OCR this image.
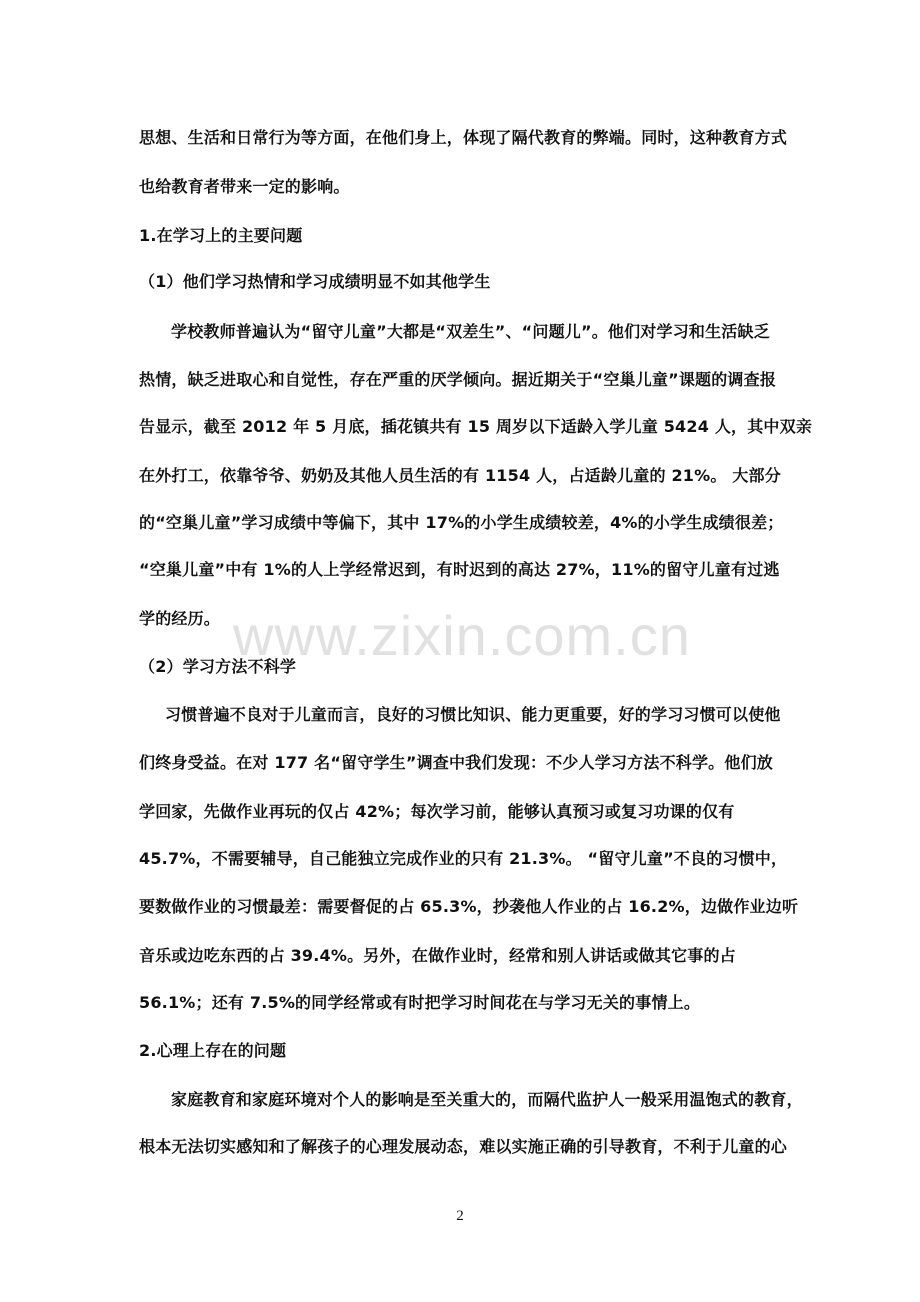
思想、生活和日常行为等方面，在他们身上，体现了隔代教育的弊端。同时，这种教育方式
也给教育者带来一定的影响。
1.在学习上的主要问题
（1）他们学习热情和学习成绩明显不如其他学生
学校教师普遍认为“留守儿童”大都是“双差生”、“问题儿”。他们对学习和生活缺乏
热情，缺乏进取心和自觉性，存在严重的厌学倾向。据近期关于“空巢儿童”课题的调查报
告显示，截至 2012 年 5 月底，插花镇共有 15 周岁以下适龄入学儿童 5424 人，其中双亲
在外打工，依靠爷爷、奶奶及其他人员生活的有 1154 人，占适龄儿童的 21%。 大部分
的“空巢儿童”学习成绩中等偏下，其中 17%的小学生成绩较差，4%的小学生成绩很差；
“空巢儿童”中有 1%的人上学经常迟到，有时迟到的高达 27%，11%的留守儿童有过逃
学的经历。
（2）学习方法不科学
习惯普遍不良对于儿童而言，良好的习惯比知识、能力更重要，好的学习习惯可以使他
们终身受益。在对 177 名“留守学生”调查中我们发现：不少人学习方法不科学。他们放
学回家，先做作业再玩的仅占 42%；每次学习前，能够认真预习或复习功课的仅有
45.7%，不需要辅导，自己能独立完成作业的只有 21.3%。 “留守儿童”不良的习惯中，
要数做作业的习惯最差：需要督促的占 65.3%，抄袭他人作业的占 16.2%，边做作业边听
音乐或边吃东西的占 39.4%。另外，在做作业时，经常和别人讲话或做其它事的占
56.1%；还有 7.5%的同学经常或有时把学习时间花在与学习无关的事情上。
2.心理上存在的问题
家庭教育和家庭环境对个人的影响是至关重大的，而隔代监护人一般采用温饱式的教育，
根本无法切实感知和了解孩子的心理发展动态，难以实施正确的引导教育，不利于儿童的心
www.zixin.com.cn
2
